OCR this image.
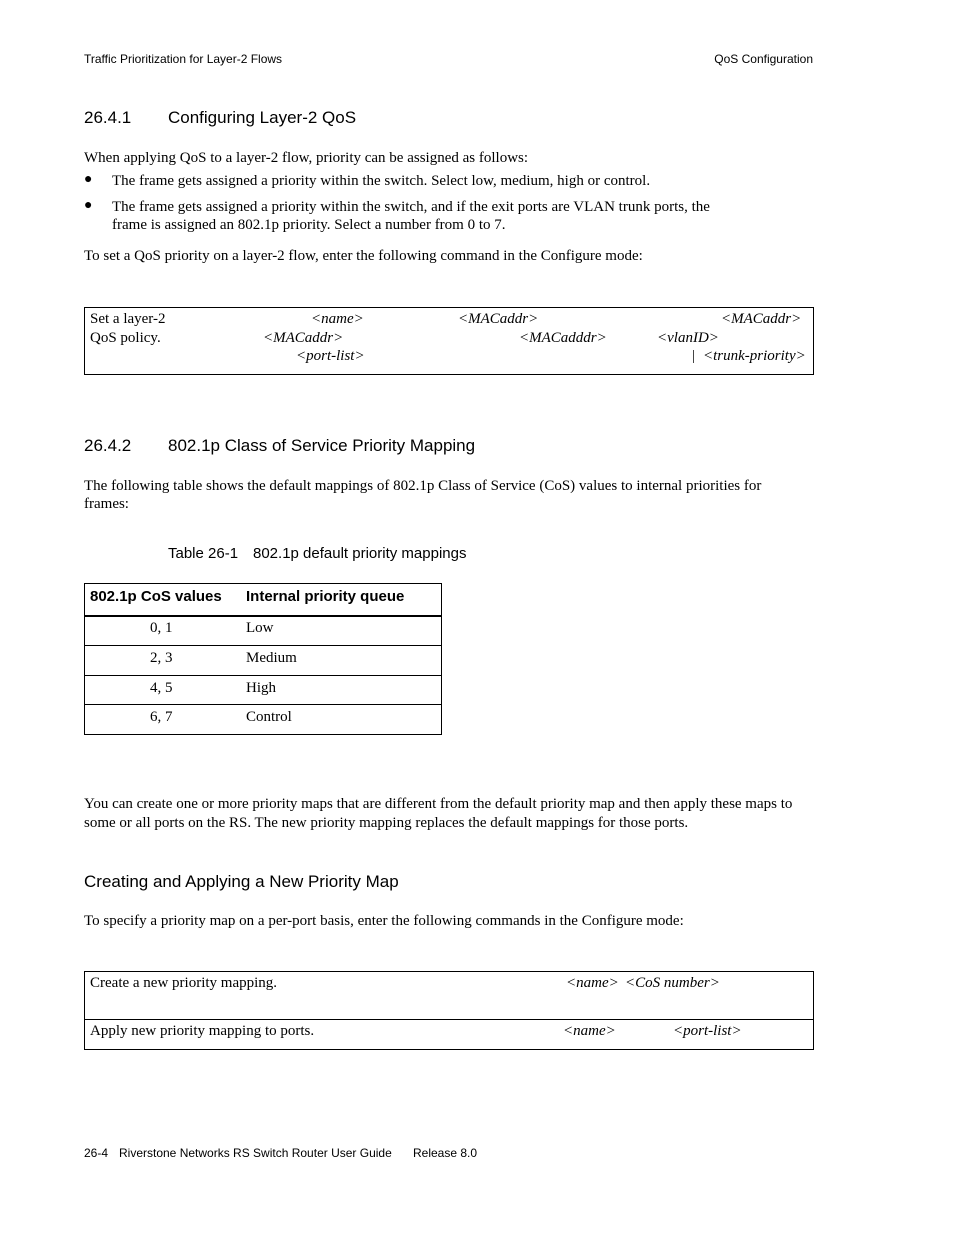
Traffic Prioritization for Layer-2 Flows	QoS Configuration
26.4.1 Configuring Layer-2 QoS
When applying QoS to a layer-2 flow, priority can be assigned as follows:
● The frame gets assigned a priority within the switch. Select low, medium, high or control.
● The frame gets assigned a priority within the switch, and if the exit ports are VLAN trunk ports, the
frame is assigned an 802.1p priority. Select a number from 0 to 7.
To set a QoS priority on a layer-2 flow, enter the following command in the Configure mode:
Set a layer-2
QoS policy.
<name>	<MACaddr>	<MACaddr>
<MACaddr>	<MACadddr>	<vlanID>
<port-list>	| <trunk-priority>
26.4.2 802.1p Class of Service Priority Mapping
The following table shows the default mappings of 802.1p Class of Service (CoS) values to internal priorities for
frames:
Table 26-1 802.1p default priority mappings
802.1p CoS values Internal priority queue
0, 1	Low
2, 3	Medium
4, 5	High
6, 7	Control
You can create one or more priority maps that are different from the default priority map and then apply these maps to
some or all ports on the RS. The new priority mapping replaces the default mappings for those ports.
Creating and Applying a New Priority Map
To specify a priority map on a per-port basis, enter the following commands in the Configure mode:
Create a new priority mapping.	<name> <CoS number>
Apply new priority mapping to ports.	<name>	<port-list>
26-4 Riverstone Networks RS Switch Router User Guide Release 8.0
